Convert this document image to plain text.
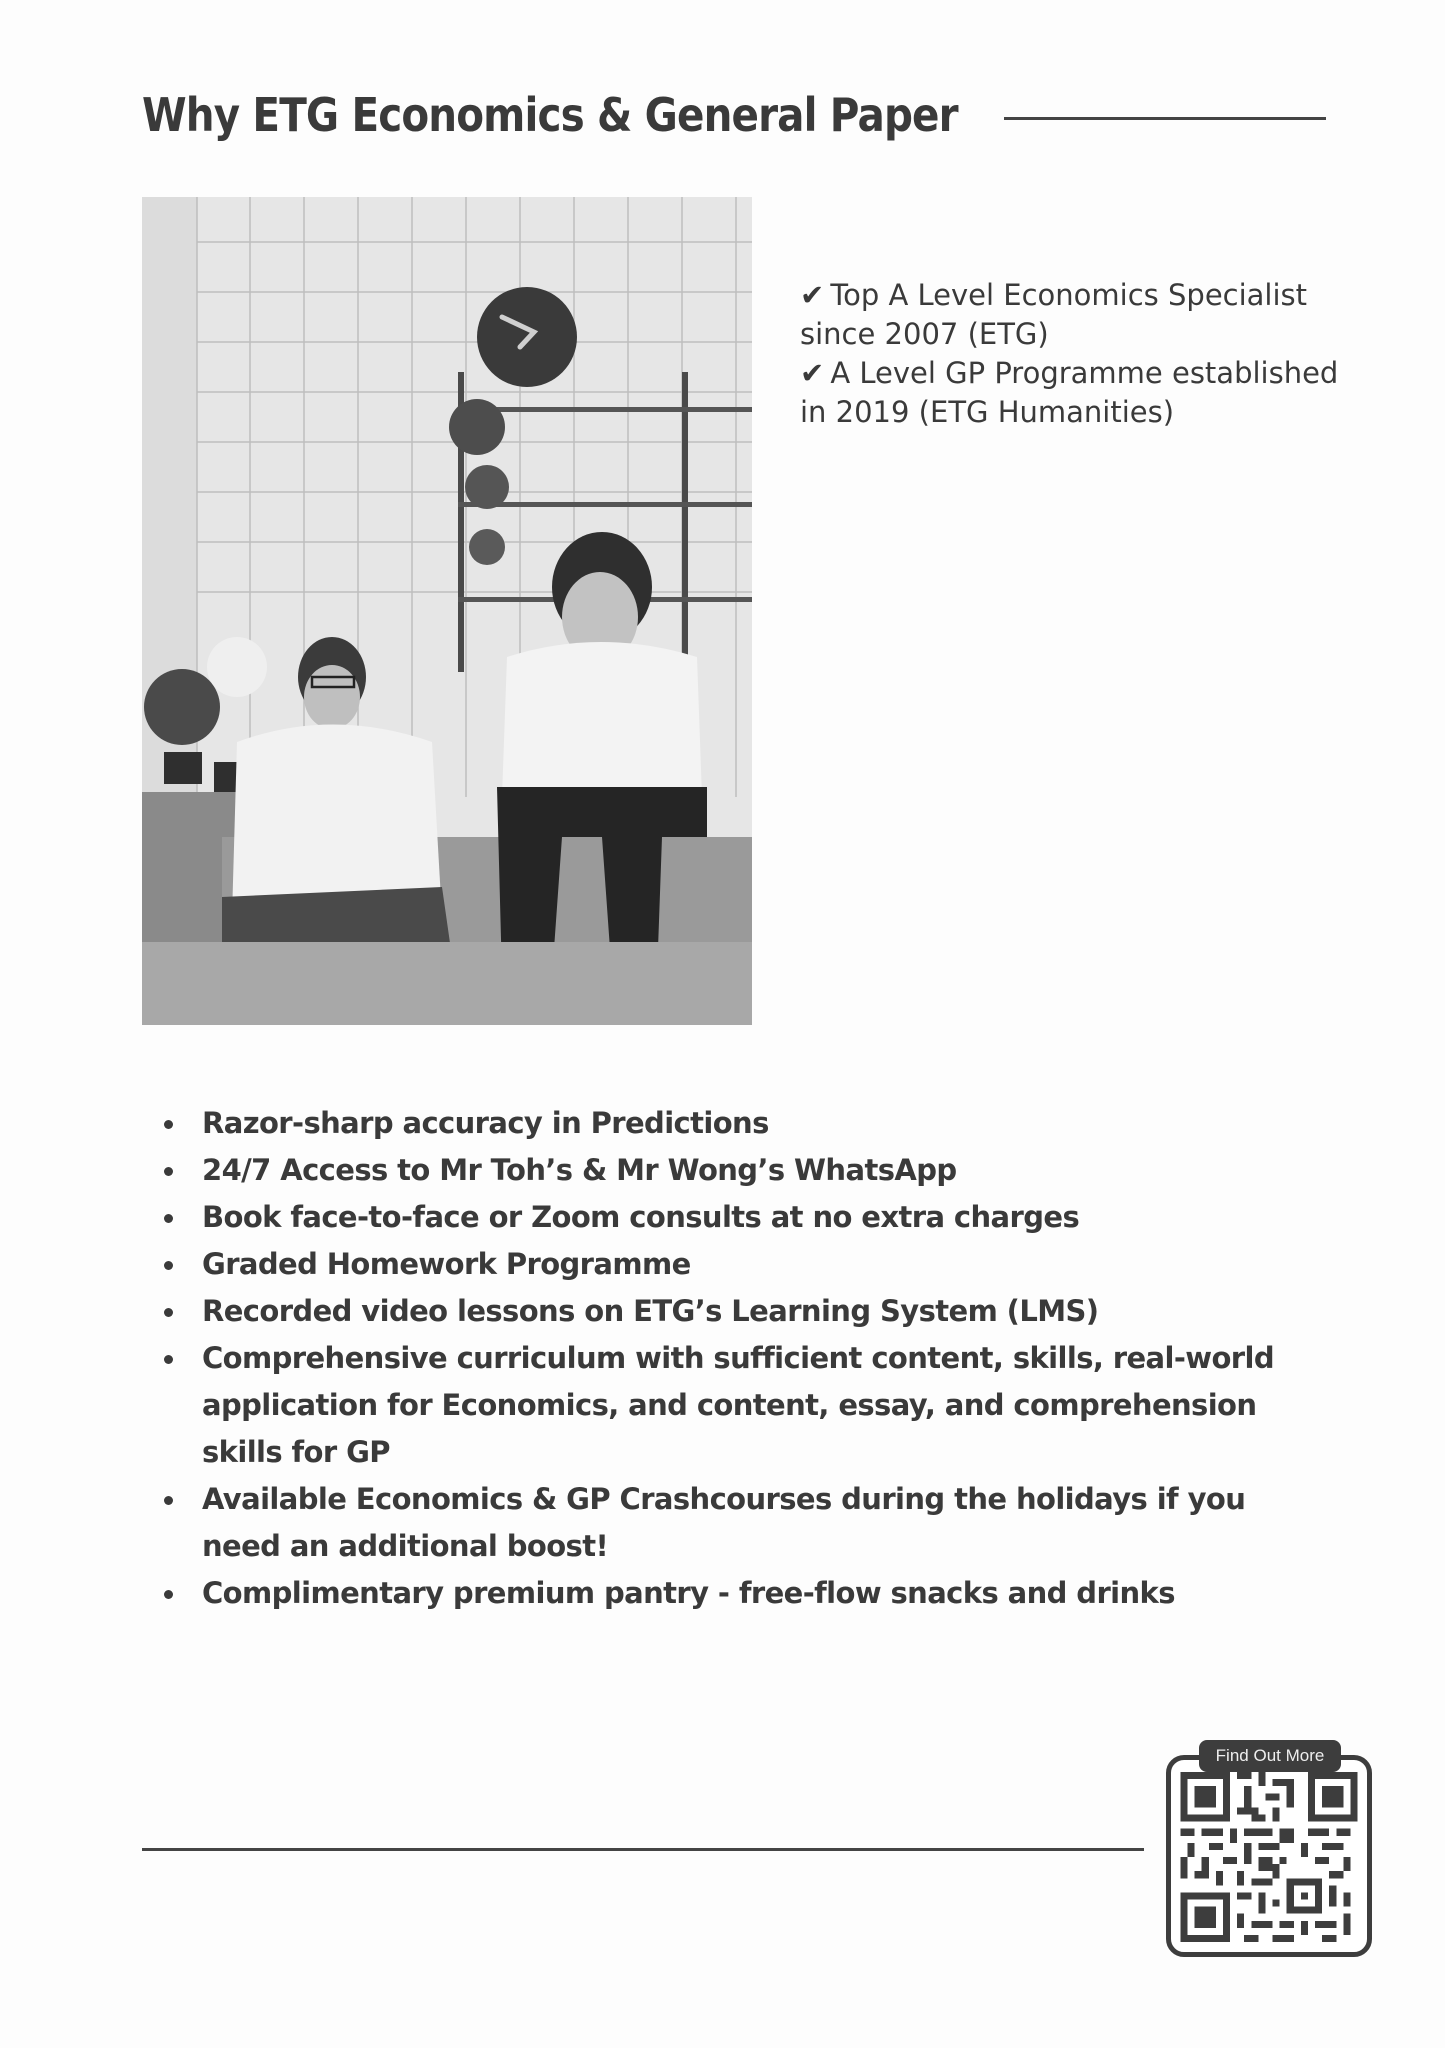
Why ETG Economics & General Paper
✔ Top A Level Economics Specialist since 2007 (ETG)
✔ A Level GP Programme established in 2019 (ETG Humanities)
Razor-sharp accuracy in Predictions
24/7 Access to Mr Toh’s & Mr Wong’s WhatsApp
Book face-to-face or Zoom consults at no extra charges
Graded Homework Programme
Recorded video lessons on ETG’s Learning System (LMS)
Comprehensive curriculum with sufficient content, skills, real-world application for Economics, and content, essay, and comprehension skills for GP
Available Economics & GP Crashcourses during the holidays if you need an additional boost!
Complimentary premium pantry - free-flow snacks and drinks
Find Out More
